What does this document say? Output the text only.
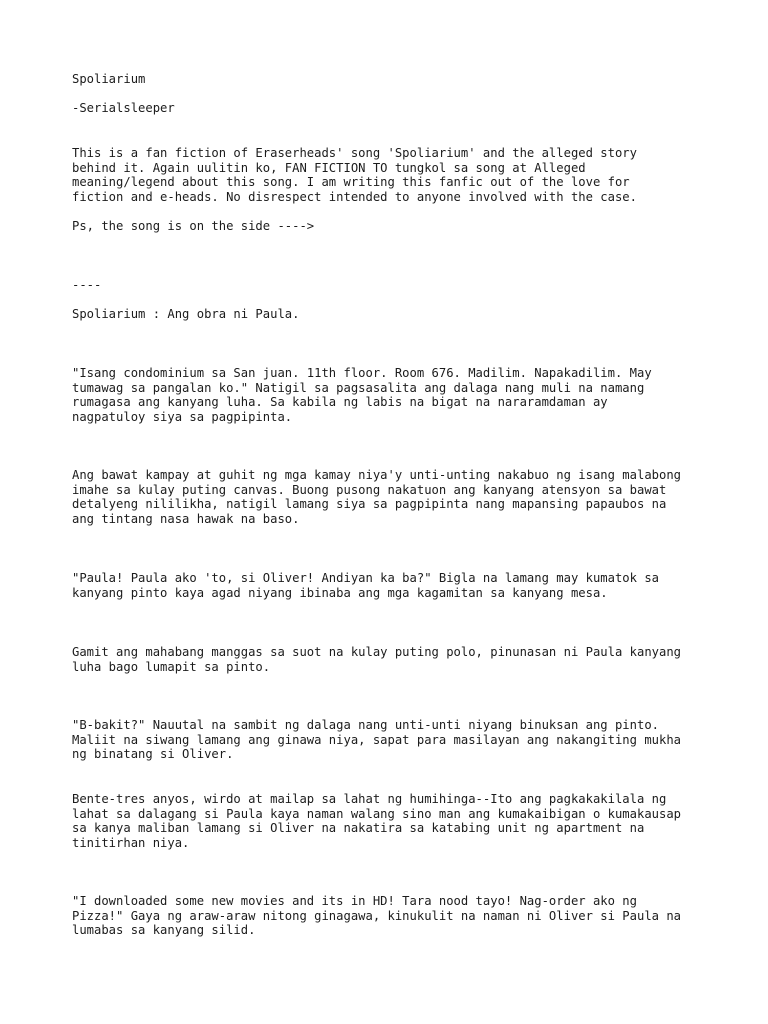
Spoliarium

-Serialsleeper

This is a fan fiction of Eraserheads' song 'Spoliarium' and the alleged story
behind it. Again uulitin ko, FAN FICTION TO tungkol sa song at Alleged
meaning/legend about this song. I am writing this fanfic out of the love for
fiction and e-heads. No disrespect intended to anyone involved with the case.

Ps, the song is on the side ---->

----

Spoliarium : Ang obra ni Paula.

"Isang condominium sa San juan. 11th floor. Room 676. Madilim. Napakadilim. May
tumawag sa pangalan ko." Natigil sa pagsasalita ang dalaga nang muli na namang
rumagasa ang kanyang luha. Sa kabila ng labis na bigat na nararamdaman ay
nagpatuloy siya sa pagpipinta.

Ang bawat kampay at guhit ng mga kamay niya'y unti-unting nakabuo ng isang malabong
imahe sa kulay puting canvas. Buong pusong nakatuon ang kanyang atensyon sa bawat
detalyeng nililikha, natigil lamang siya sa pagpipinta nang mapansing papaubos na
ang tintang nasa hawak na baso.

"Paula! Paula ako 'to, si Oliver! Andiyan ka ba?" Bigla na lamang may kumatok sa
kanyang pinto kaya agad niyang ibinaba ang mga kagamitan sa kanyang mesa.

Gamit ang mahabang manggas sa suot na kulay puting polo, pinunasan ni Paula kanyang
luha bago lumapit sa pinto.

"B-bakit?" Nauutal na sambit ng dalaga nang unti-unti niyang binuksan ang pinto.
Maliit na siwang lamang ang ginawa niya, sapat para masilayan ang nakangiting mukha
ng binatang si Oliver.

Bente-tres anyos, wirdo at mailap sa lahat ng humihinga--Ito ang pagkakakilala ng
lahat sa dalagang si Paula kaya naman walang sino man ang kumakaibigan o kumakausap
sa kanya maliban lamang si Oliver na nakatira sa katabing unit ng apartment na
tinitirhan niya.

"I downloaded some new movies and its in HD! Tara nood tayo! Nag-order ako ng
Pizza!" Gaya ng araw-araw nitong ginagawa, kinukulit na naman ni Oliver si Paula na
lumabas sa kanyang silid.
